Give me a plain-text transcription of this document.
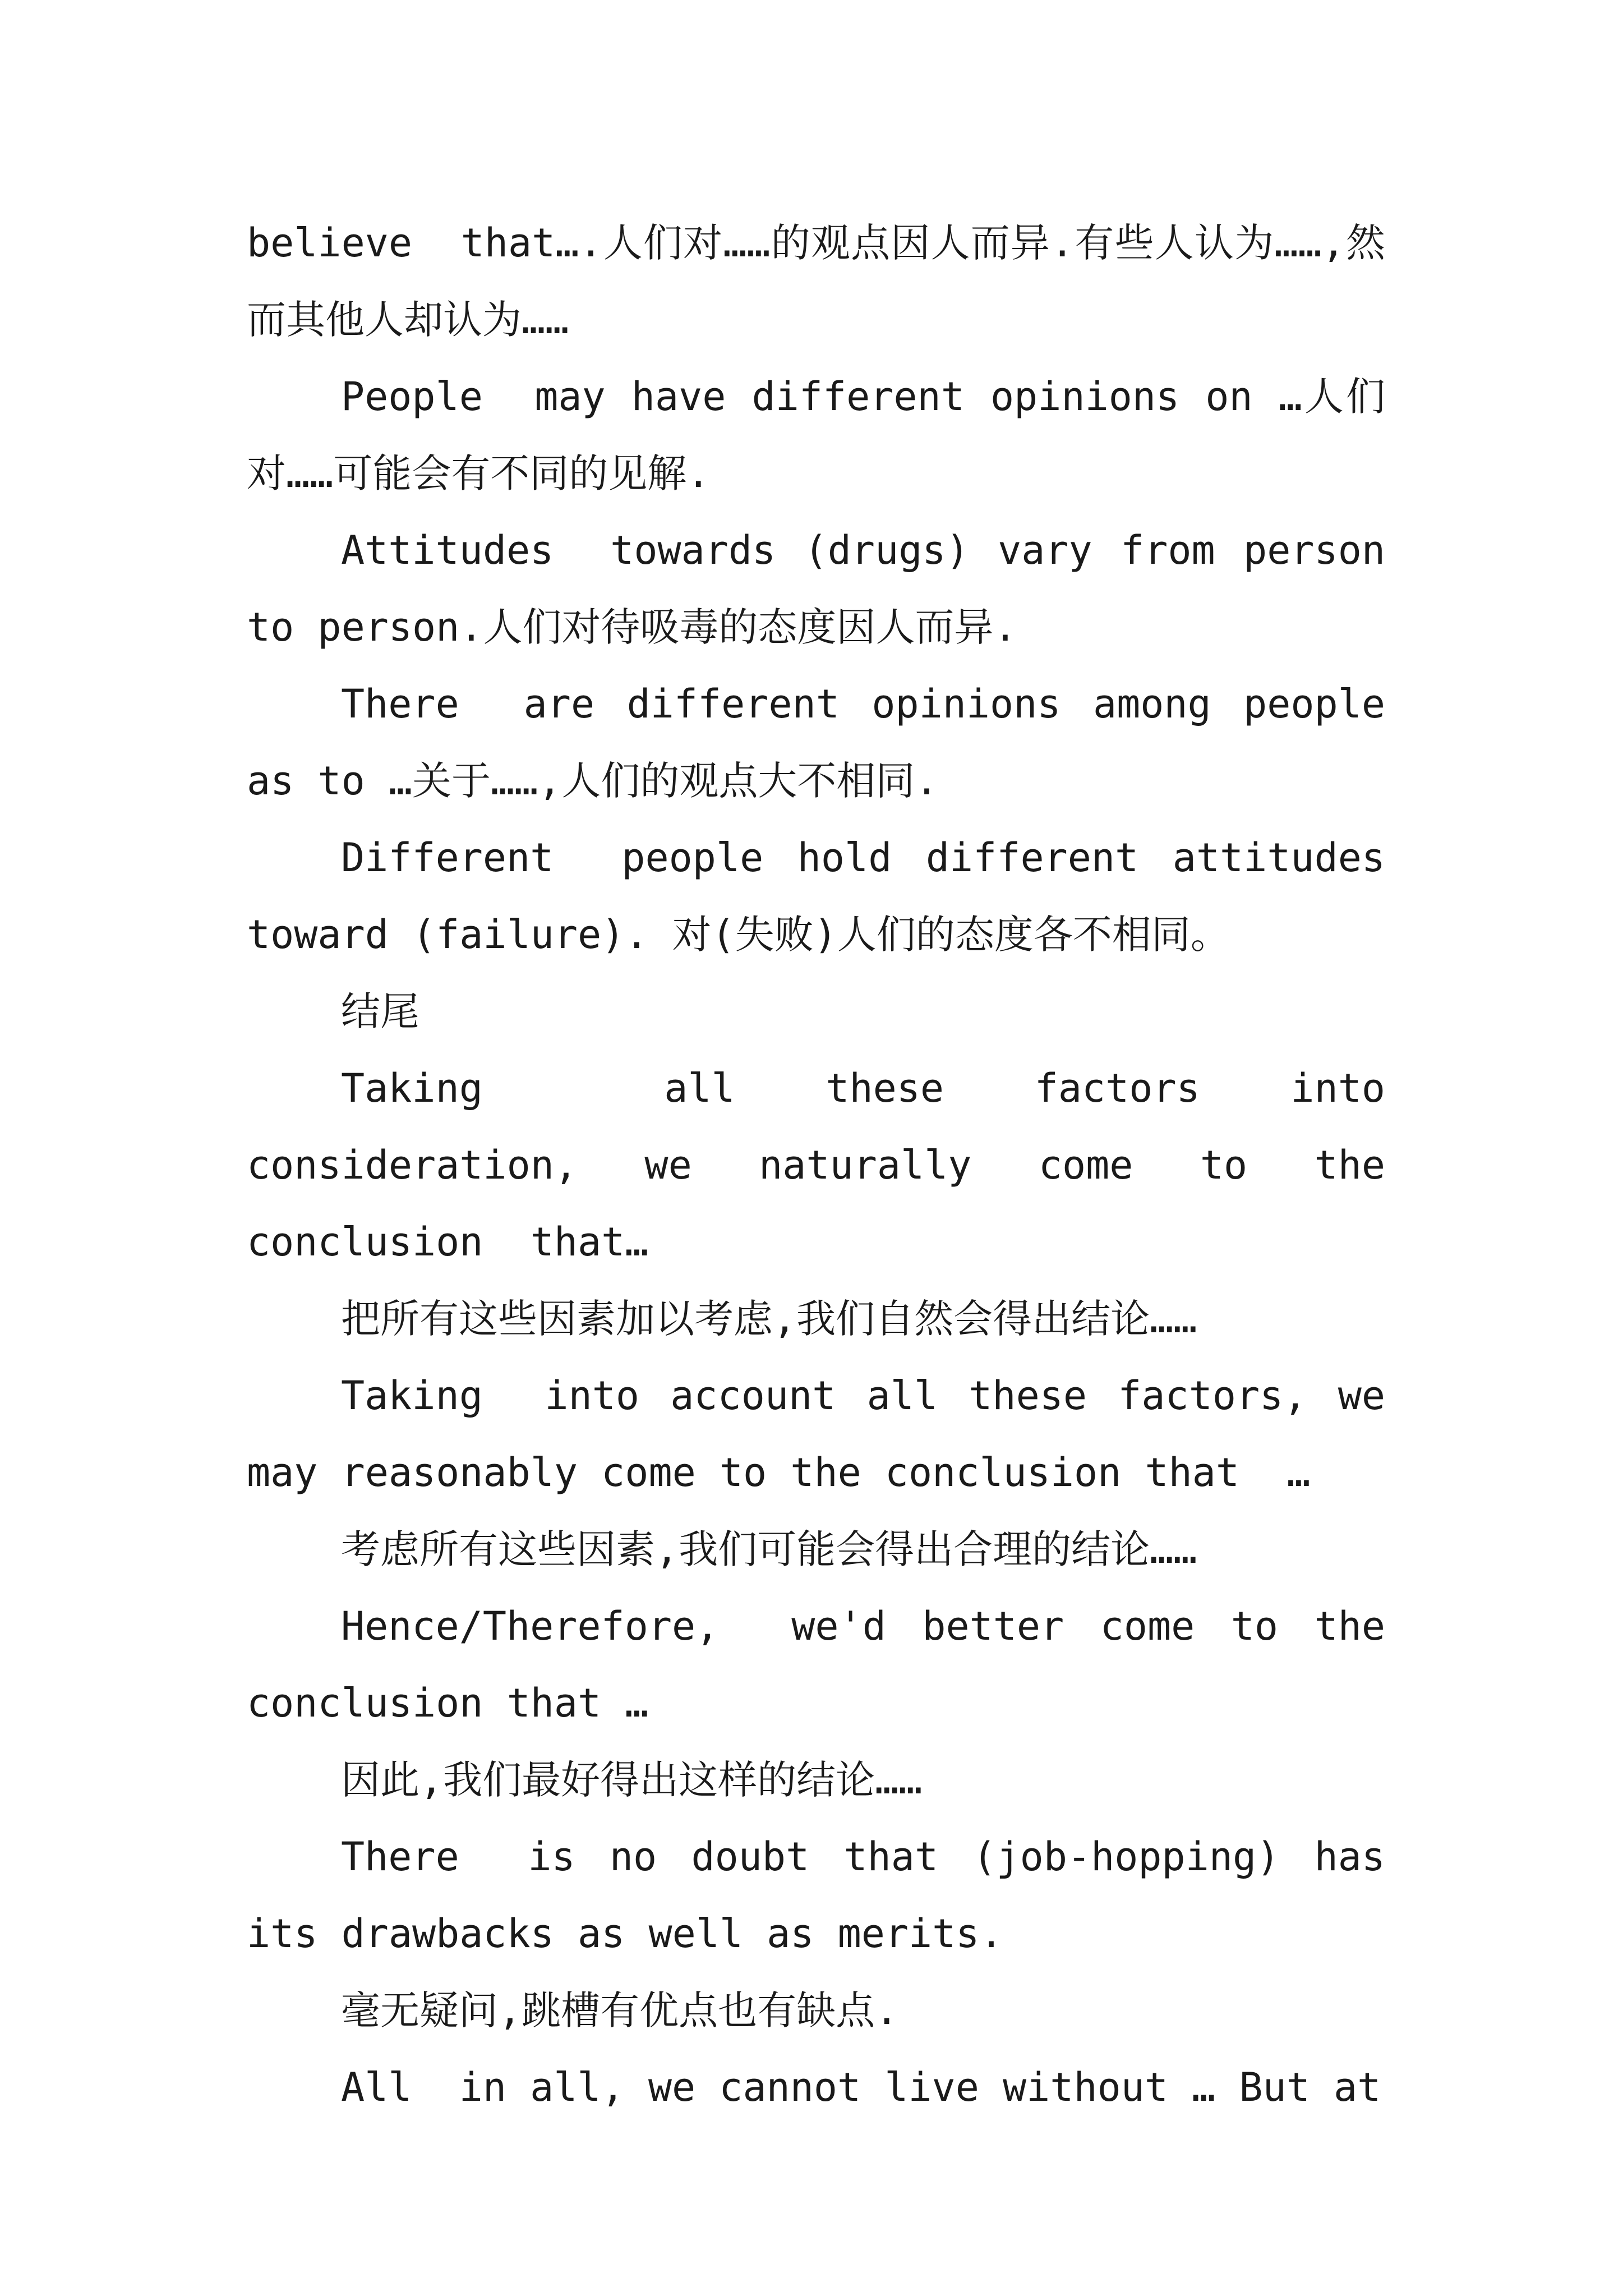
believe  that….人们对……的观点因人而异.有些人认为……,然而其他人却认为……

People  may have different opinions on …人们对……可能会有不同的见解.

Attitudes  towards (drugs) vary from person to person.人们对待吸毒的态度因人而异.

There  are different opinions among people as to …关于……,人们的观点大不相同.

Different  people hold different attitudes toward (failure). 对(失败)人们的态度各不相同。

结尾

Taking  all these factors into consideration, we naturally come to the conclusion  that…

把所有这些因素加以考虑,我们自然会得出结论……

Taking  into account all these factors, we may reasonably come to the conclusion that  …

考虑所有这些因素,我们可能会得出合理的结论……

Hence/Therefore,  we'd better come to the conclusion that …

因此,我们最好得出这样的结论……

There  is no doubt that (job-hopping) has its drawbacks as well as merits.

毫无疑问,跳槽有优点也有缺点.

All  in all, we cannot live without … But at
